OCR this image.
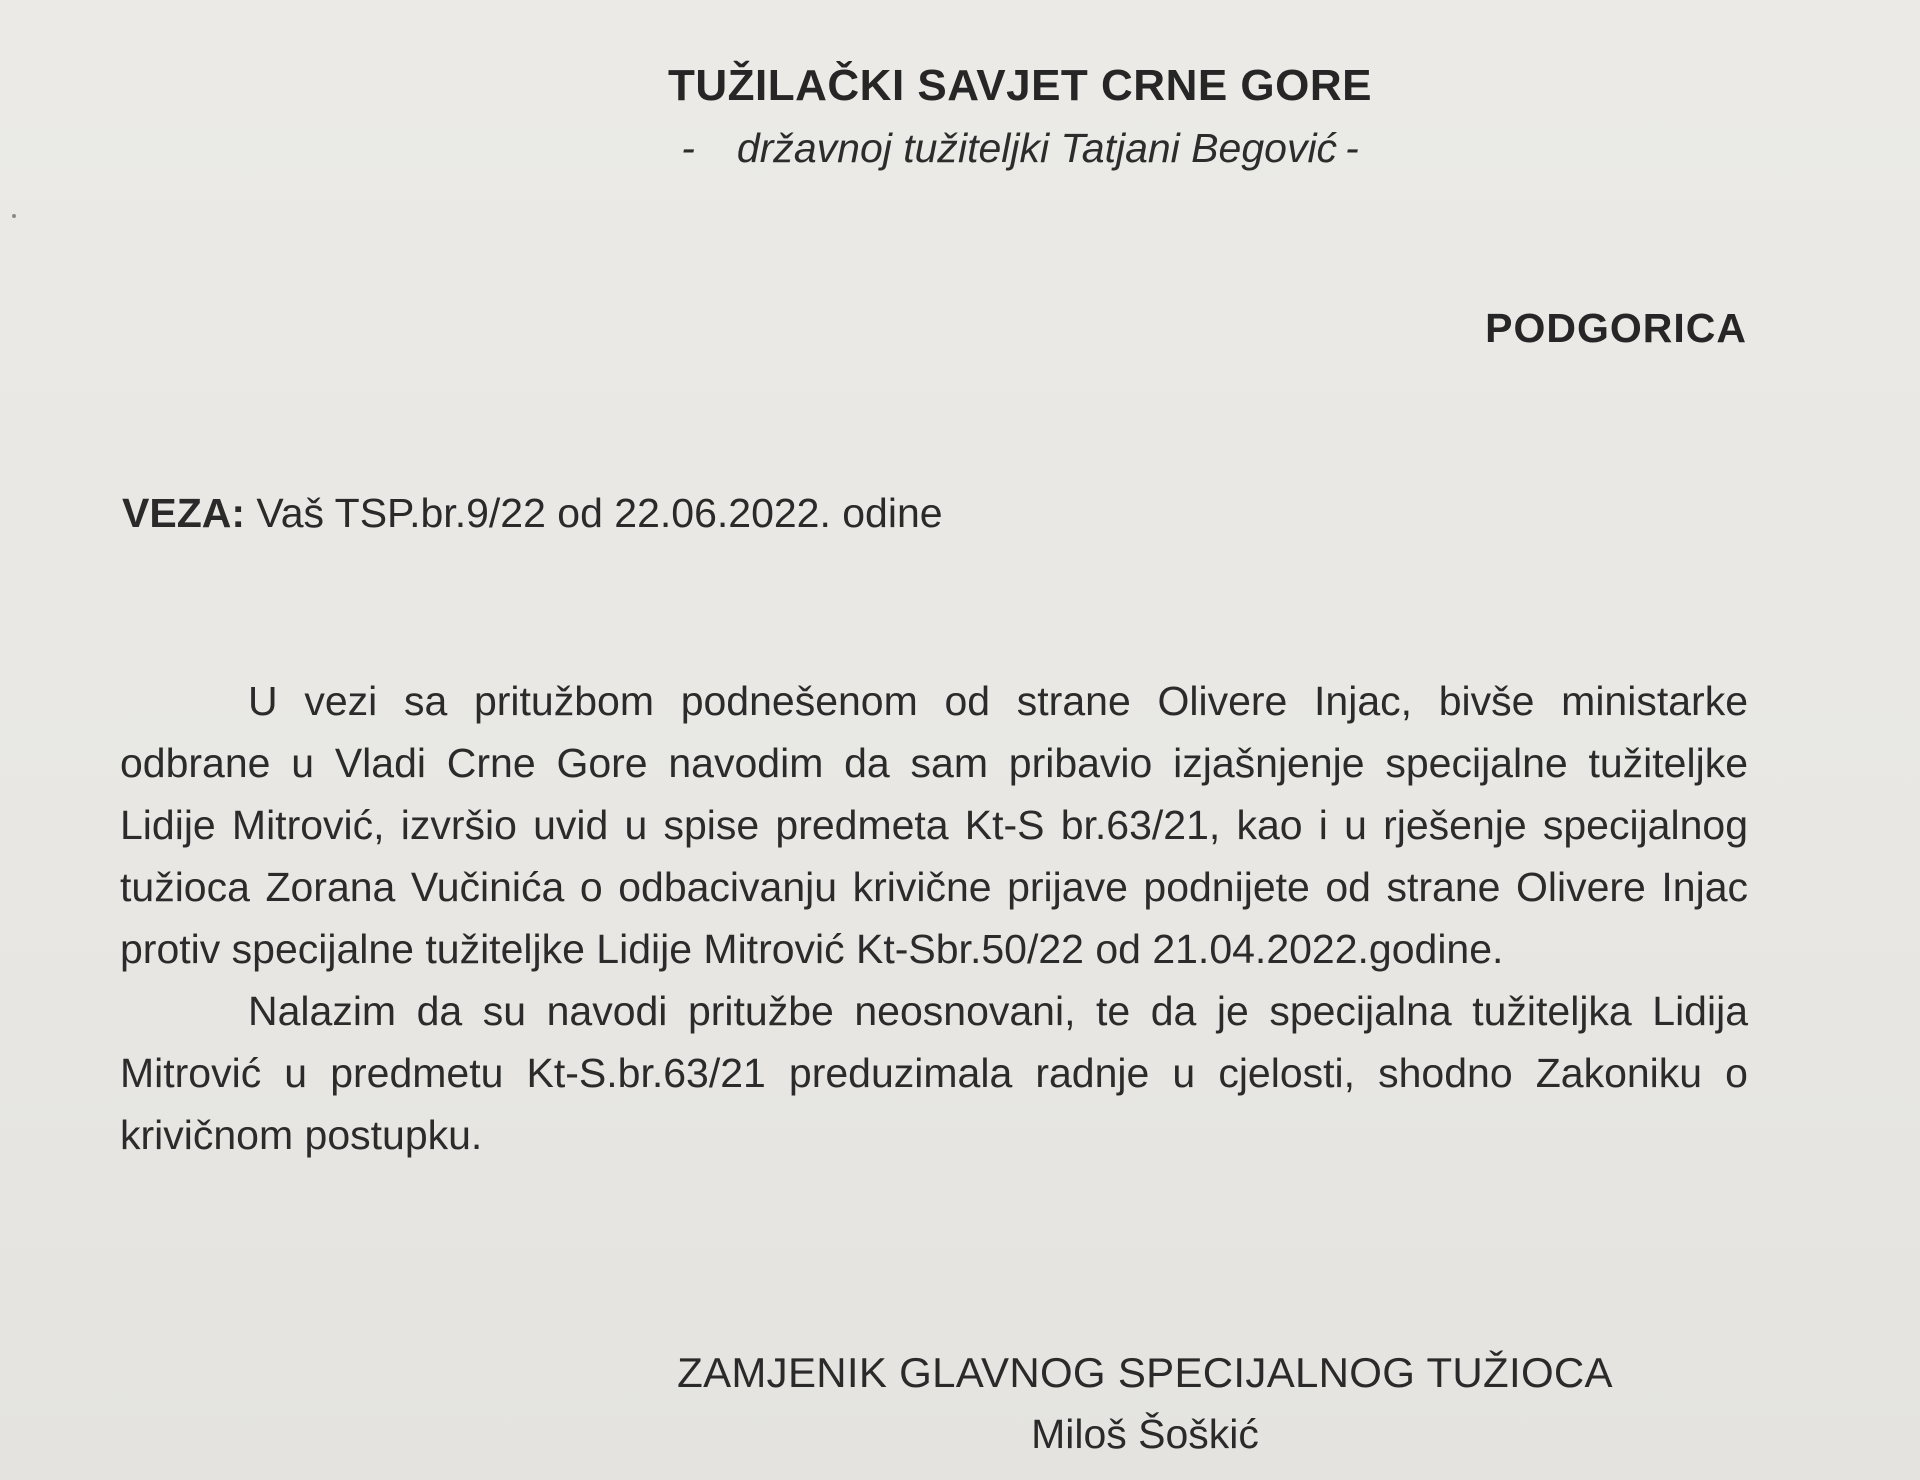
TUŽILAČKI SAVJET CRNE GORE

- državnoj tužiteljki Tatjani Begović -

PODGORICA

VEZA: Vaš TSP.br.9/22 od 22.06.2022. odine

U vezi sa pritužbom podnešenom od strane Olivere Injac, bivše ministarke odbrane u Vladi Crne Gore navodim da sam pribavio izjašnjenje specijalne tužiteljke Lidije Mitrović, izvršio uvid u spise predmeta Kt-S br.63/21, kao i u rješenje specijalnog tužioca Zorana Vučinića o odbacivanju krivične prijave podnijete od strane Olivere Injac protiv specijalne tužiteljke Lidije Mitrović Kt-Sbr.50/22 od 21.04.2022.godine.

Nalazim da su navodi pritužbe neosnovani, te da je specijalna tužiteljka Lidija Mitrović u predmetu Kt-S.br.63/21 preduzimala radnje u cjelosti, shodno Zakoniku o krivičnom postupku.

ZAMJENIK GLAVNOG SPECIJALNOG TUŽIOCA

Miloš Šoškić
